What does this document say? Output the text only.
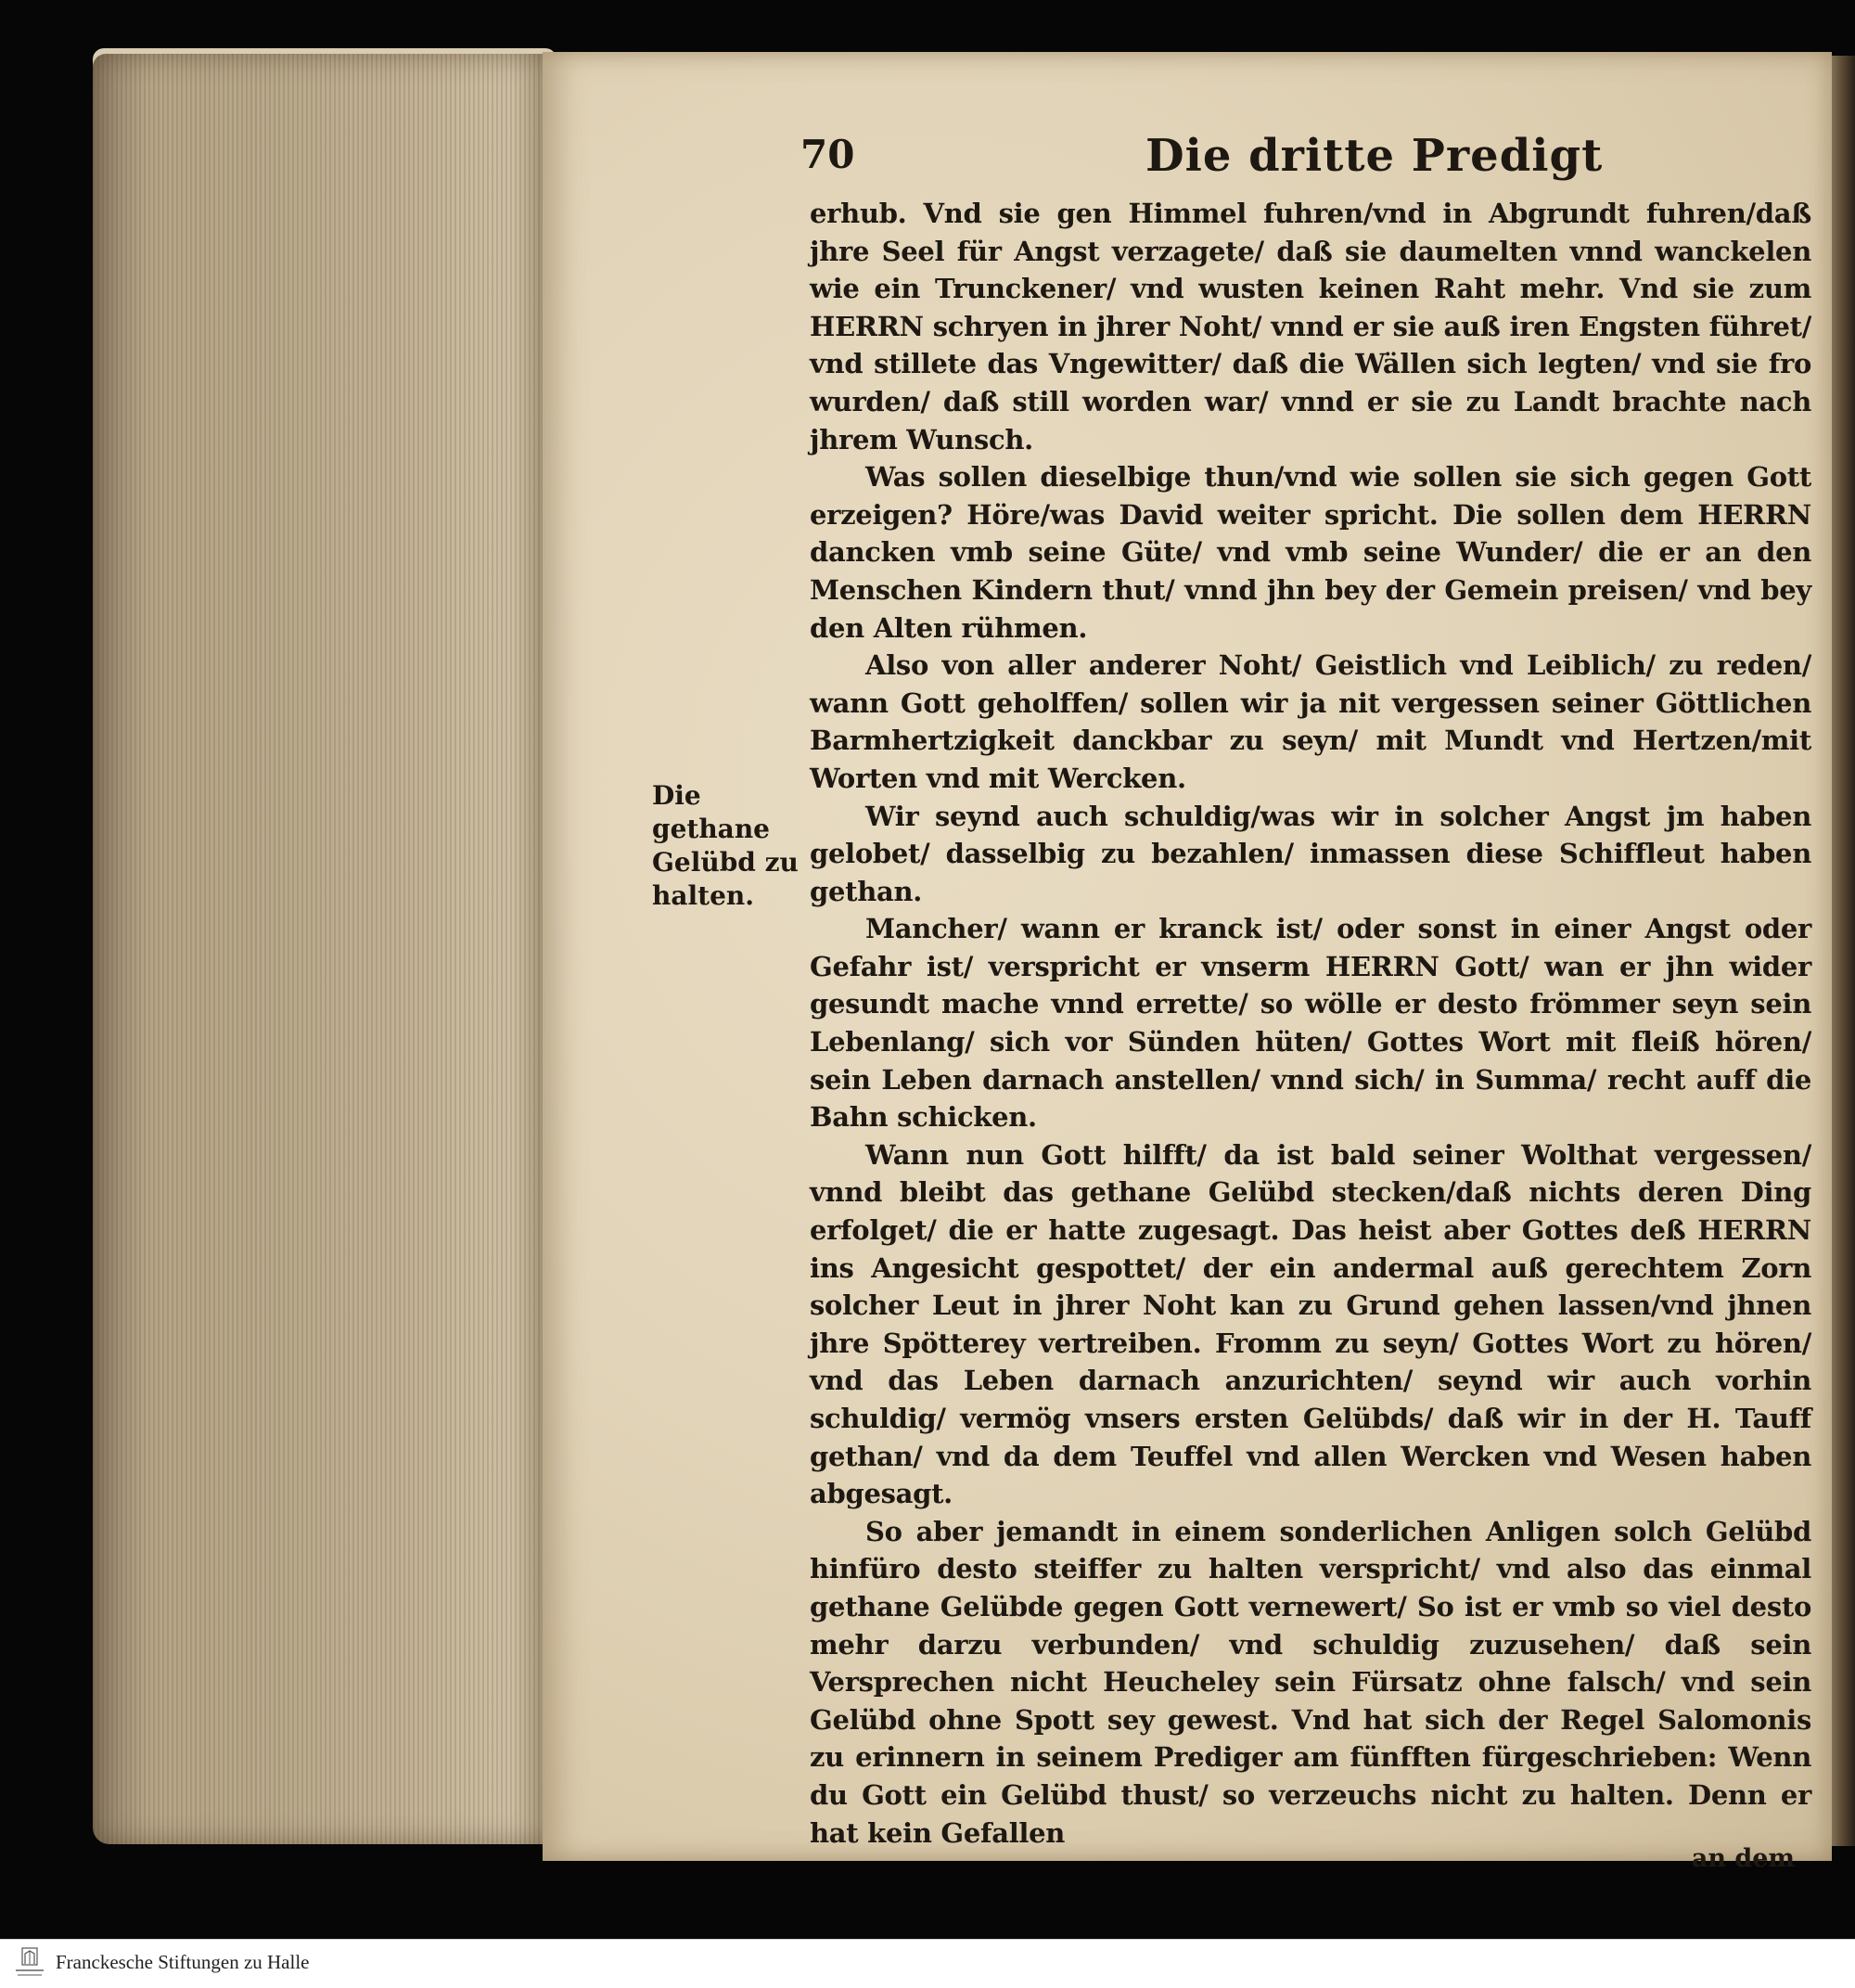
70	Die dritte Predigt
Die gethane Gelübd zu halten.

erhub. Vnd sie gen Himmel fuhren/vnd in Abgrundt fuhren/daß jhre Seel für Angst verzagete/ daß sie daumelten vnnd wanckelen wie ein Trunckener/ vnd wusten keinen Raht mehr. Vnd sie zum HERRN schryen in jhrer Noht/ vnnd er sie auß iren Engsten führet/ vnd stillete das Vngewitter/ daß die Wällen sich legten/ vnd sie fro wurden/ daß still worden war/ vnnd er sie zu Landt brachte nach jhrem Wunsch.

Was sollen dieselbige thun/vnd wie sollen sie sich gegen Gott erzeigen? Höre/was David weiter spricht. Die sollen dem HERRN dancken vmb seine Güte/ vnd vmb seine Wunder/ die er an den Menschen Kindern thut/ vnnd jhn bey der Gemein preisen/ vnd bey den Alten rühmen.

Also von aller anderer Noht/ Geistlich vnd Leiblich/ zu reden/ wann Gott geholffen/ sollen wir ja nit vergessen seiner Göttlichen Barmhertzigkeit danckbar zu seyn/ mit Mundt vnd Hertzen/mit Worten vnd mit Wercken.

Wir seynd auch schuldig/was wir in solcher Angst jm haben gelobet/ dasselbig zu bezahlen/ inmassen diese Schiffleut haben gethan.

Mancher/ wann er kranck ist/ oder sonst in einer Angst oder Gefahr ist/ verspricht er vnserm HERRN Gott/ wan er jhn wider gesundt mache vnnd errette/ so wölle er desto frömmer seyn sein Lebenlang/ sich vor Sünden hüten/ Gottes Wort mit fleiß hören/ sein Leben darnach anstellen/ vnnd sich/ in Summa/ recht auff die Bahn schicken.

Wann nun Gott hilfft/ da ist bald seiner Wolthat vergessen/ vnnd bleibt das gethane Gelübd stecken/daß nichts deren Ding erfolget/ die er hatte zugesagt. Das heist aber Gottes deß HERRN ins Angesicht gespottet/ der ein andermal auß gerechtem Zorn solcher Leut in jhrer Noht kan zu Grund gehen lassen/vnd jhnen jhre Spötterey vertreiben. Fromm zu seyn/ Gottes Wort zu hören/ vnd das Leben darnach anzurichten/ seynd wir auch vorhin schuldig/ vermög vnsers ersten Gelübds/ daß wir in der H. Tauff gethan/ vnd da dem Teuffel vnd allen Wercken vnd Wesen haben abgesagt.

So aber jemandt in einem sonderlichen Anligen solch Gelübd hinfüro desto steiffer zu halten verspricht/ vnd also das einmal gethane Gelübde gegen Gott vernewert/ So ist er vmb so viel desto mehr darzu verbunden/ vnd schuldig zuzusehen/ daß sein Versprechen nicht Heucheley sein Fürsatz ohne falsch/ vnd sein Gelübd ohne Spott sey gewest. Vnd hat sich der Regel Salomonis zu erinnern in seinem Prediger am fünfften fürgeschrieben: Wenn du Gott ein Gelübd thust/ so verzeuchs nicht zu halten. Denn er hat kein Gefallen

an dem
Franckesche Stiftungen zu Halle
